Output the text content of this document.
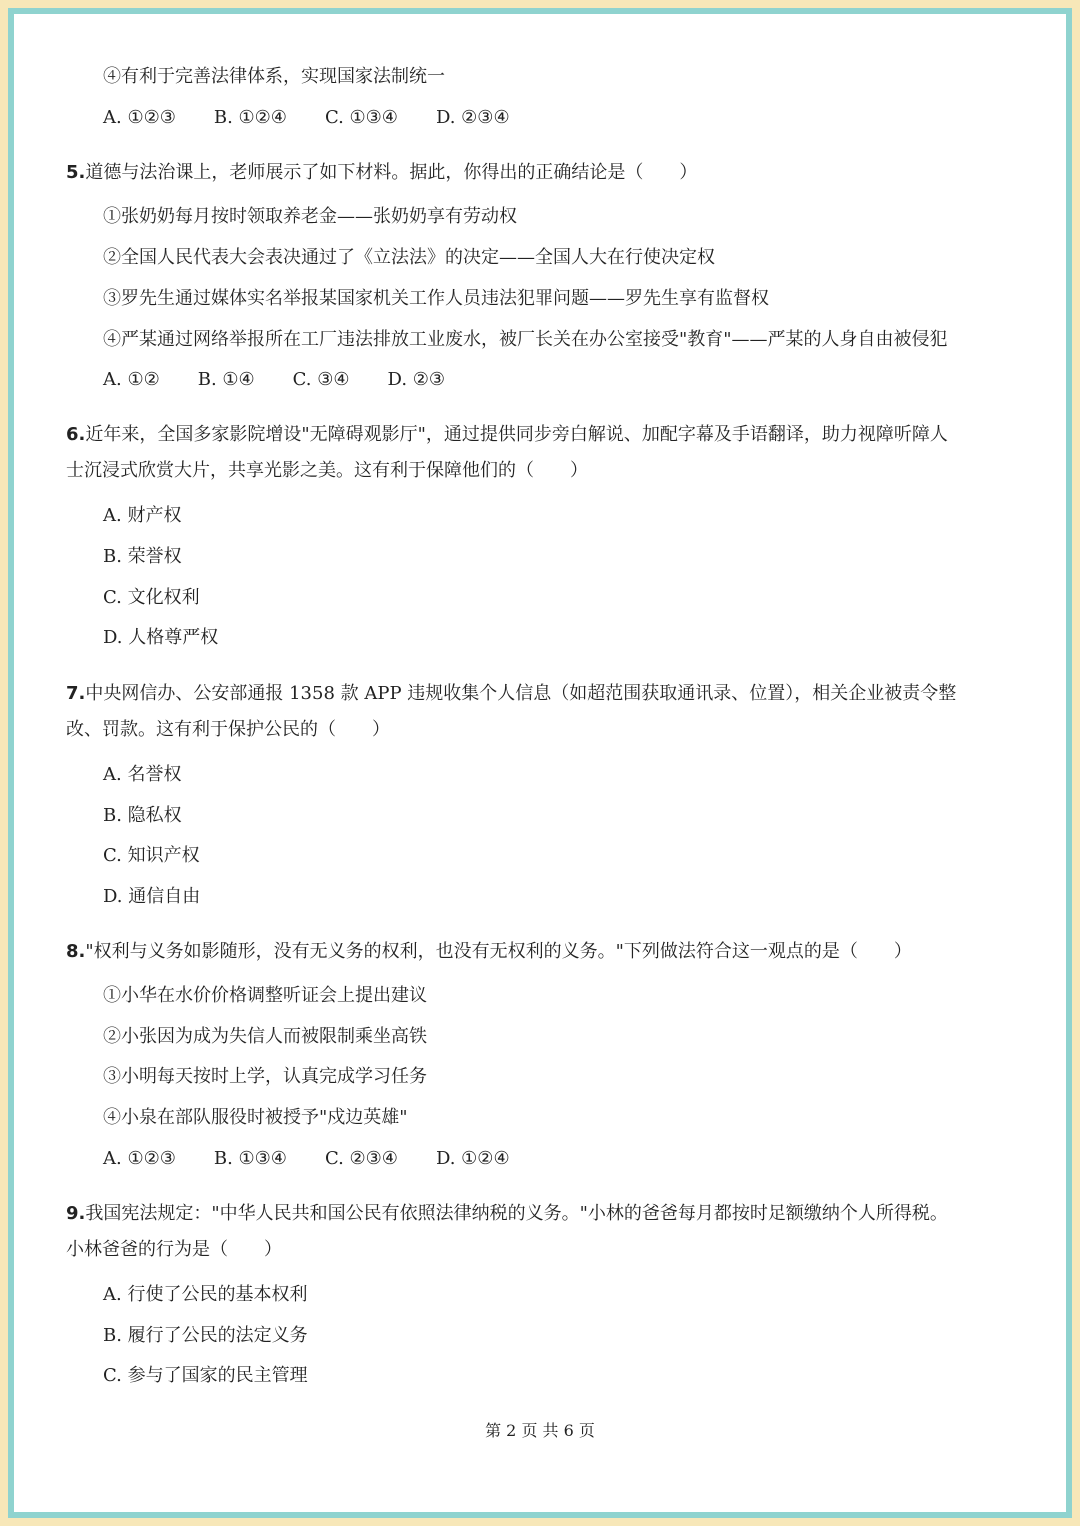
④有利于完善法律体系，实现国家法制统一
A. ①②③ B. ①②④ C. ①③④ D. ②③④
5.道德与法治课上，老师展示了如下材料。据此，你得出的正确结论是（　　）
①张奶奶每月按时领取养老金——张奶奶享有劳动权
②全国人民代表大会表决通过了《立法法》的决定——全国人大在行使决定权
③罗先生通过媒体实名举报某国家机关工作人员违法犯罪问题——罗先生享有监督权
④严某通过网络举报所在工厂违法排放工业废水，被厂长关在办公室接受"教育"——严某的人身自由被侵犯
A. ①② B. ①④ C. ③④ D. ②③
6.近年来，全国多家影院增设"无障碍观影厅"，通过提供同步旁白解说、加配字幕及手语翻译，助力视障听障人
士沉浸式欣赏大片，共享光影之美。这有利于保障他们的（　　）
A. 财产权
B. 荣誉权
C. 文化权利
D. 人格尊严权
7.中央网信办、公安部通报 1358 款 APP 违规收集个人信息（如超范围获取通讯录、位置），相关企业被责令整
改、罚款。这有利于保护公民的（　　）
A. 名誉权
B. 隐私权
C. 知识产权
D. 通信自由
8."权利与义务如影随形，没有无义务的权利，也没有无权利的义务。"下列做法符合这一观点的是（　　）
①小华在水价价格调整听证会上提出建议
②小张因为成为失信人而被限制乘坐高铁
③小明每天按时上学，认真完成学习任务
④小泉在部队服役时被授予"戍边英雄"
A. ①②③ B. ①③④ C. ②③④ D. ①②④
9.我国宪法规定："中华人民共和国公民有依照法律纳税的义务。"小林的爸爸每月都按时足额缴纳个人所得税。
小林爸爸的行为是（　　）
A. 行使了公民的基本权利
B. 履行了公民的法定义务
C. 参与了国家的民主管理
第 2 页 共 6 页
